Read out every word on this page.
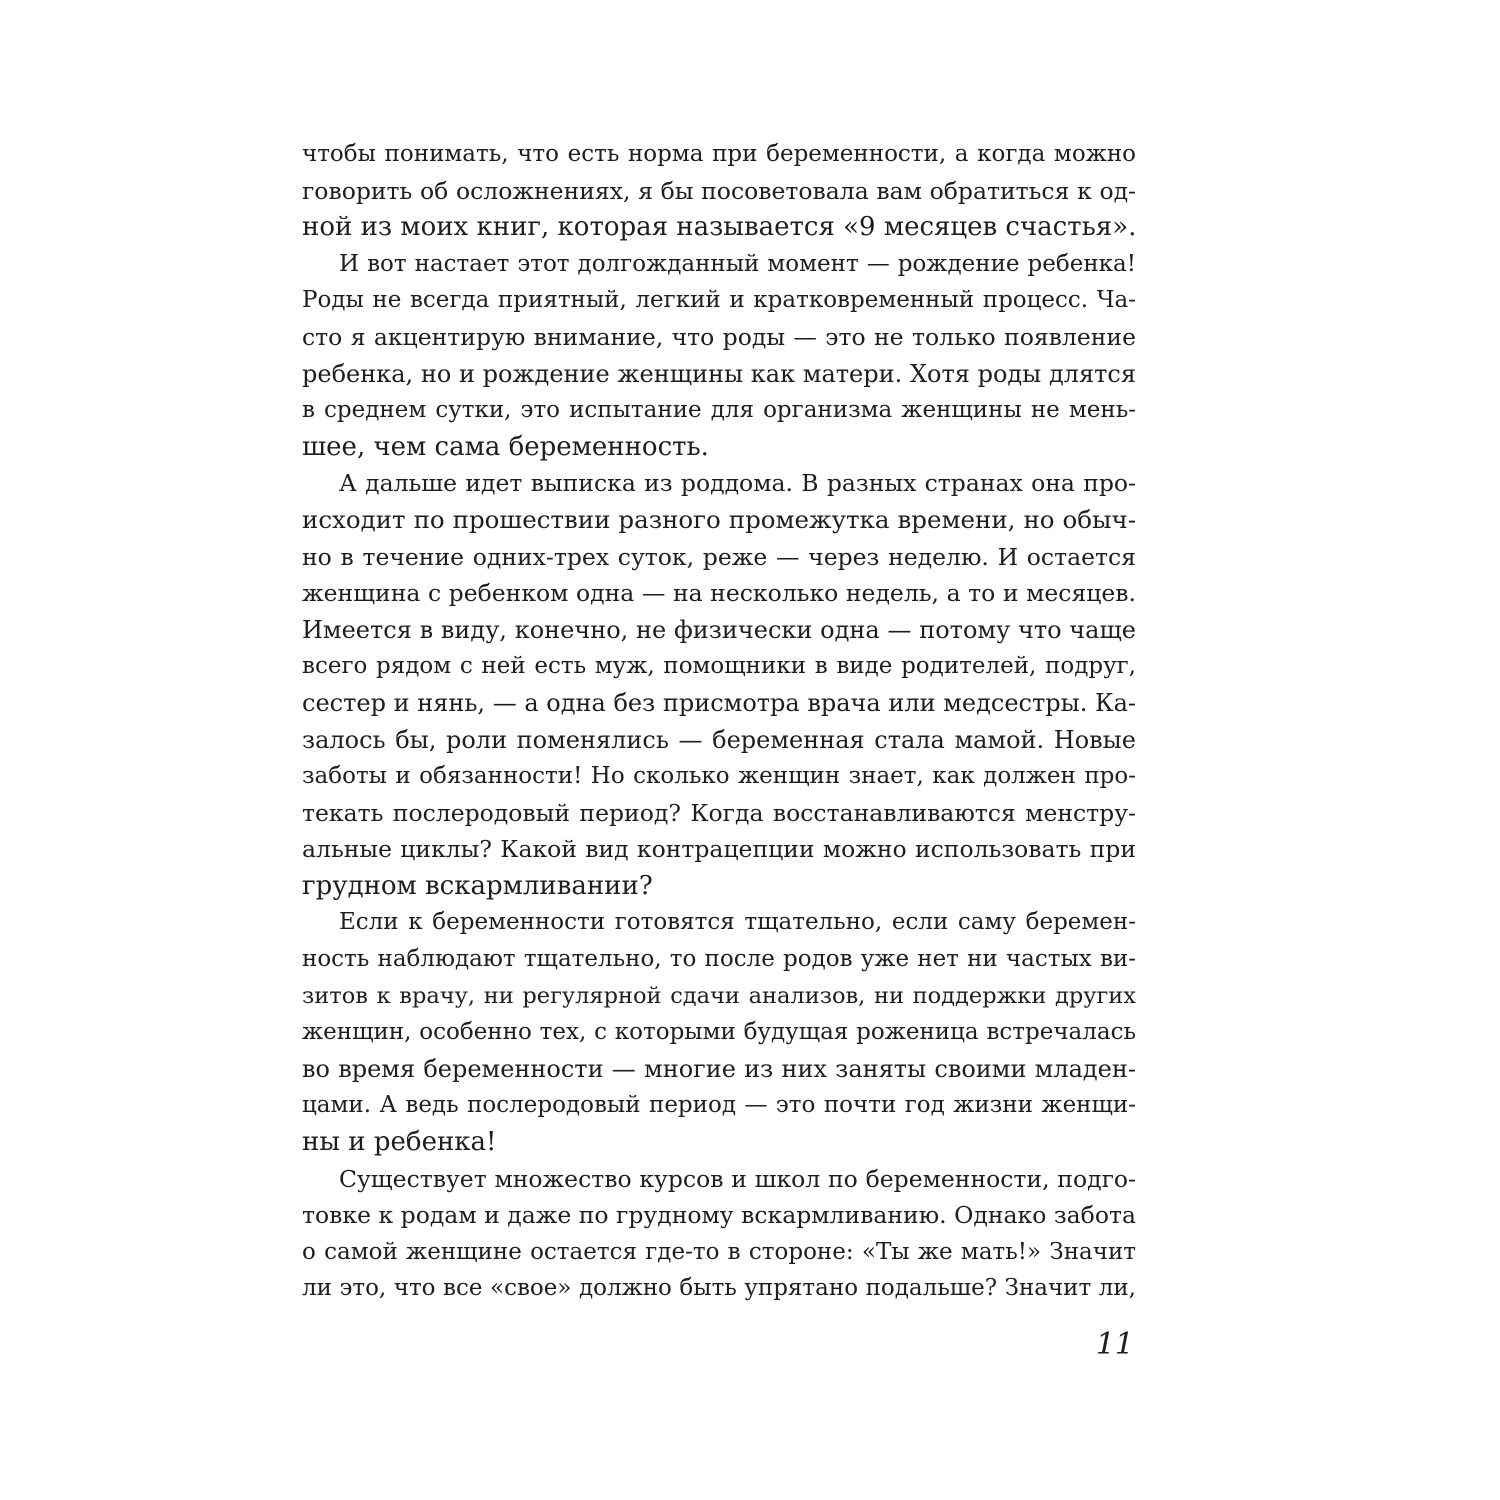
чтобы понимать, что есть норма при беременности, а когда можно
говорить об осложнениях, я бы посоветовала вам обратиться к од-
ной из моих книг, которая называется «9 месяцев счастья».
И вот настает этот долгожданный момент — рождение ребенка!
Роды не всегда приятный, легкий и кратковременный процесс. Ча-
сто я акцентирую внимание, что роды — это не только появление
ребенка, но и рождение женщины как матери. Хотя роды длятся
в среднем сутки, это испытание для организма женщины не мень-
шее, чем сама беременность.
А дальше идет выписка из роддома. В разных странах она про-
исходит по прошествии разного промежутка времени, но обыч-
но в течение одних-трех суток, реже — через неделю. И остается
женщина с ребенком одна — на несколько недель, а то и месяцев.
Имеется в виду, конечно, не физически одна — потому что чаще
всего рядом с ней есть муж, помощники в виде родителей, подруг,
сестер и нянь, — а одна без присмотра врача или медсестры. Ка-
залось бы, роли поменялись — беременная стала мамой. Новые
заботы и обязанности! Но сколько женщин знает, как должен про-
текать послеродовый период? Когда восстанавливаются менстру-
альные циклы? Какой вид контрацепции можно использовать при
грудном вскармливании?
Если к беременности готовятся тщательно, если саму беремен-
ность наблюдают тщательно, то после родов уже нет ни частых ви-
зитов к врачу, ни регулярной сдачи анализов, ни поддержки других
женщин, особенно тех, с которыми будущая роженица встречалась
во время беременности — многие из них заняты своими младен-
цами. А ведь послеродовый период — это почти год жизни женщи-
ны и ребенка!
Существует множество курсов и школ по беременности, подго-
товке к родам и даже по грудному вскармливанию. Однако забота
о самой женщине остается где-то в стороне: «Ты же мать!» Значит
ли это, что все «свое» должно быть упрятано подальше? Значит ли,
11
